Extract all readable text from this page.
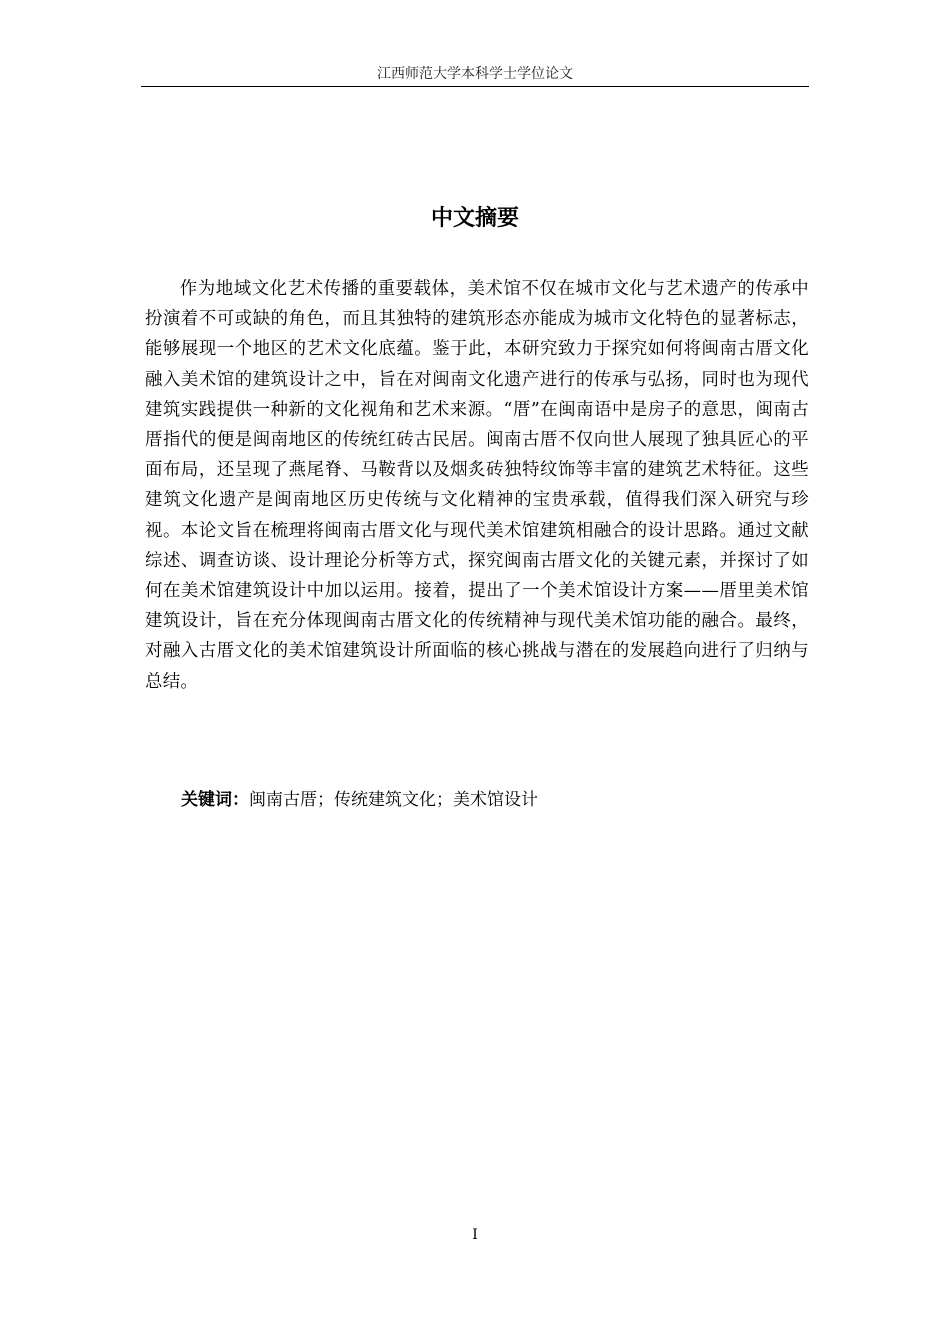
江西师范大学本科学士学位论文
中文摘要

作为地域文化艺术传播的重要载体，美术馆不仅在城市文化与艺术遗产的传承中扮演着不可或缺的角色，而且其独特的建筑形态亦能成为城市文化特色的显著标志，能够展现一个地区的艺术文化底蕴。鉴于此，本研究致力于探究如何将闽南古厝文化融入美术馆的建筑设计之中，旨在对闽南文化遗产进行的传承与弘扬，同时也为现代建筑实践提供一种新的文化视角和艺术来源。“厝”在闽南语中是房子的意思，闽南古厝指代的便是闽南地区的传统红砖古民居。闽南古厝不仅向世人展现了独具匠心的平面布局，还呈现了燕尾脊、马鞍背以及烟炙砖独特纹饰等丰富的建筑艺术特征。这些建筑文化遗产是闽南地区历史传统与文化精神的宝贵承载，值得我们深入研究与珍视。本论文旨在梳理将闽南古厝文化与现代美术馆建筑相融合的设计思路。通过文献综述、调查访谈、设计理论分析等方式，探究闽南古厝文化的关键元素，并探讨了如何在美术馆建筑设计中加以运用。接着，提出了一个美术馆设计方案——厝里美术馆建筑设计，旨在充分体现闽南古厝文化的传统精神与现代美术馆功能的融合。最终，对融入古厝文化的美术馆建筑设计所面临的核心挑战与潜在的发展趋向进行了归纳与总结。

关键词：闽南古厝；传统建筑文化；美术馆设计
I
